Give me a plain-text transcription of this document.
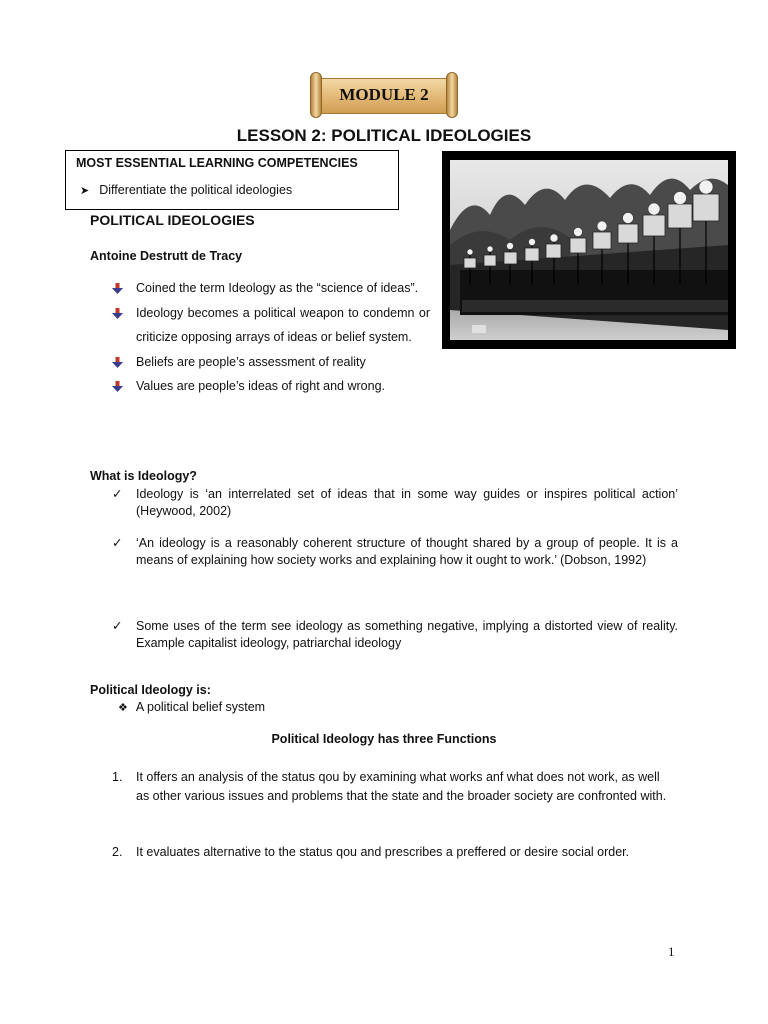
MODULE 2
LESSON 2: POLITICAL IDEOLOGIES
MOST ESSENTIAL LEARNING COMPETENCIES
➤ Differentiate the political ideologies
POLITICAL IDEOLOGIES
Antoine Destrutt de Tracy
Coined the term Ideology as the “science of ideas”.
Ideology becomes a political weapon to condemn or criticize opposing arrays of ideas or belief system.
Beliefs are people’s assessment of reality
Values are people’s ideas of right and wrong.
What is Ideology?
✓ Ideology is ‘an interrelated set of ideas that in some way guides or inspires political action’ (Heywood, 2002)
✓ ‘An ideology is a reasonably coherent structure of thought shared by a group of people. It is a means of explaining how society works and explaining how it ought to work.’ (Dobson, 1992)
✓ Some uses of the term see ideology as something negative, implying a distorted view of reality. Example capitalist ideology, patriarchal ideology
Political Ideology is:
❖ A political belief system
Political Ideology has three Functions
1. It offers an analysis of the status qou by examining what works anf what does not work, as well as other various issues and problems that the state and the broader society are confronted with.
2. It evaluates alternative to the status qou and prescribes a preffered or desire social order.
1
